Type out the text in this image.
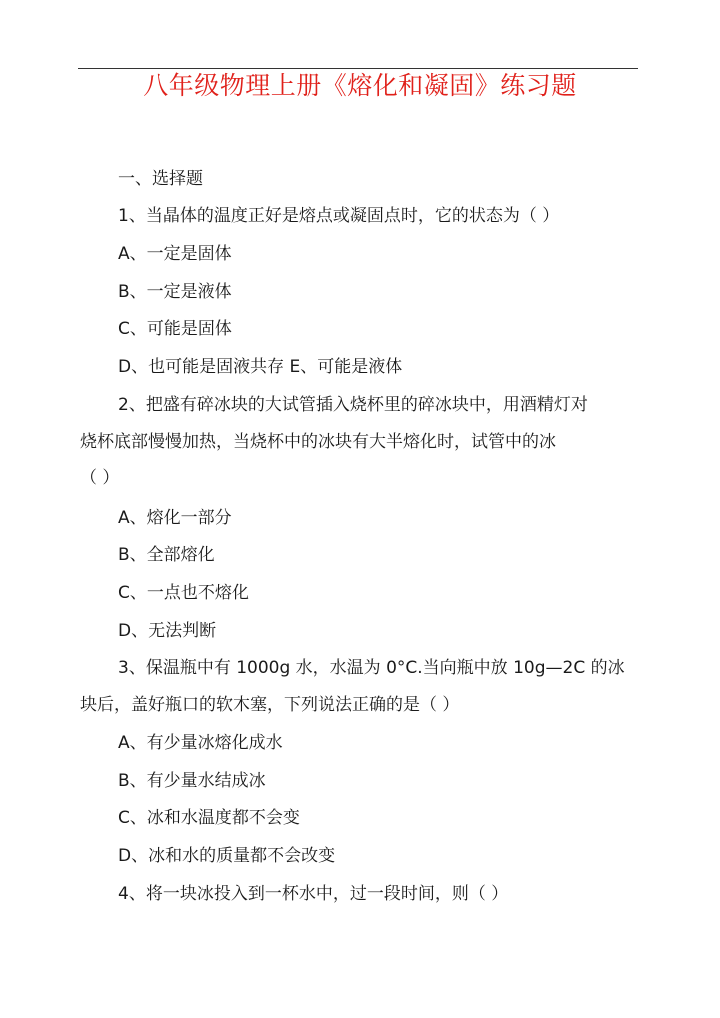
八年级物理上册《熔化和凝固》练习题
一、选择题
1、当晶体的温度正好是熔点或凝固点时，它的状态为（ ）
A、一定是固体
B、一定是液体
C、可能是固体
D、也可能是固液共存 E、可能是液体
2、把盛有碎冰块的大试管插入烧杯里的碎冰块中，用酒精灯对
烧杯底部慢慢加热，当烧杯中的冰块有大半熔化时，试管中的冰
（ ）
A、熔化一部分
B、全部熔化
C、一点也不熔化
D、无法判断
3、保温瓶中有 1000g 水，水温为 0°C.当向瓶中放 10g—2C 的冰
块后，盖好瓶口的软木塞，下列说法正确的是（ ）
A、有少量冰熔化成水
B、有少量水结成冰
C、冰和水温度都不会变
D、冰和水的质量都不会改变
4、将一块冰投入到一杯水中，过一段时间，则（ ）
